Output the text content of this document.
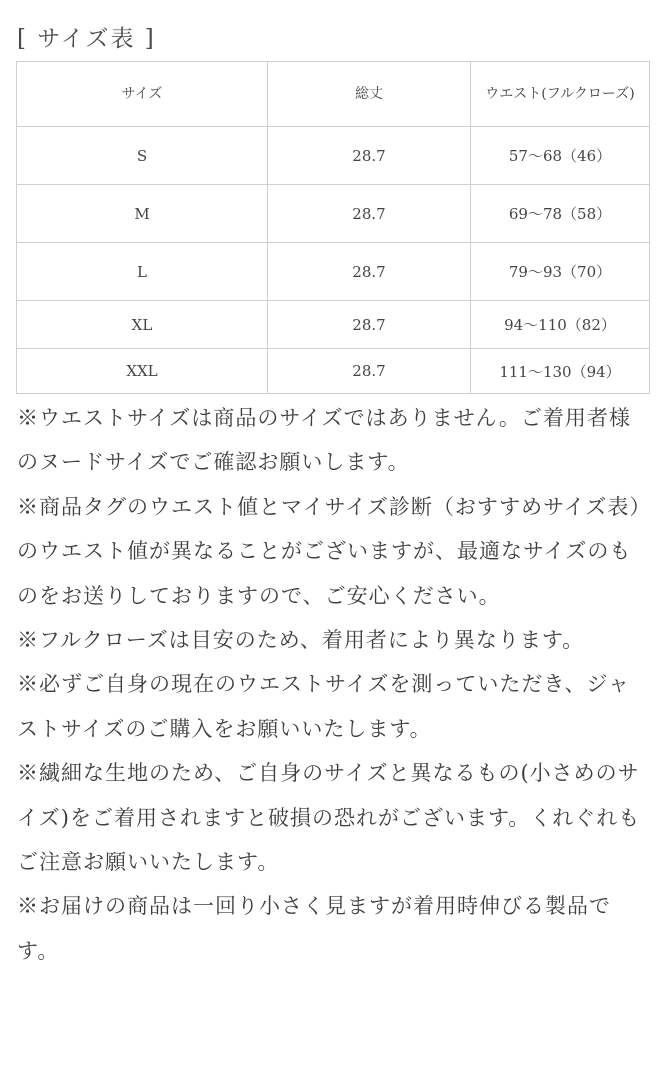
[ サイズ表 ]
サイズ	総丈	ウエスト(フルクローズ)
S	28.7	57〜68（46）
M	28.7	69〜78（58）
L	28.7	79〜93（70）
XL	28.7	94〜110（82）
XXL	28.7	111〜130（94）

※ウエストサイズは商品のサイズではありません。ご着用者様のヌードサイズでご確認お願いします。

※商品タグのウエスト値とマイサイズ診断（おすすめサイズ表）のウエスト値が異なることがございますが、最適なサイズのものをお送りしておりますので、ご安心ください。

※フルクローズは目安のため、着用者により異なります。

※必ずご自身の現在のウエストサイズを測っていただき、ジャストサイズのご購入をお願いいたします。

※繊細な生地のため、ご自身のサイズと異なるもの(小さめのサイズ)をご着用されますと破損の恐れがございます。くれぐれもご注意お願いいたします。

※お届けの商品は一回り小さく見ますが着用時伸びる製品です。
